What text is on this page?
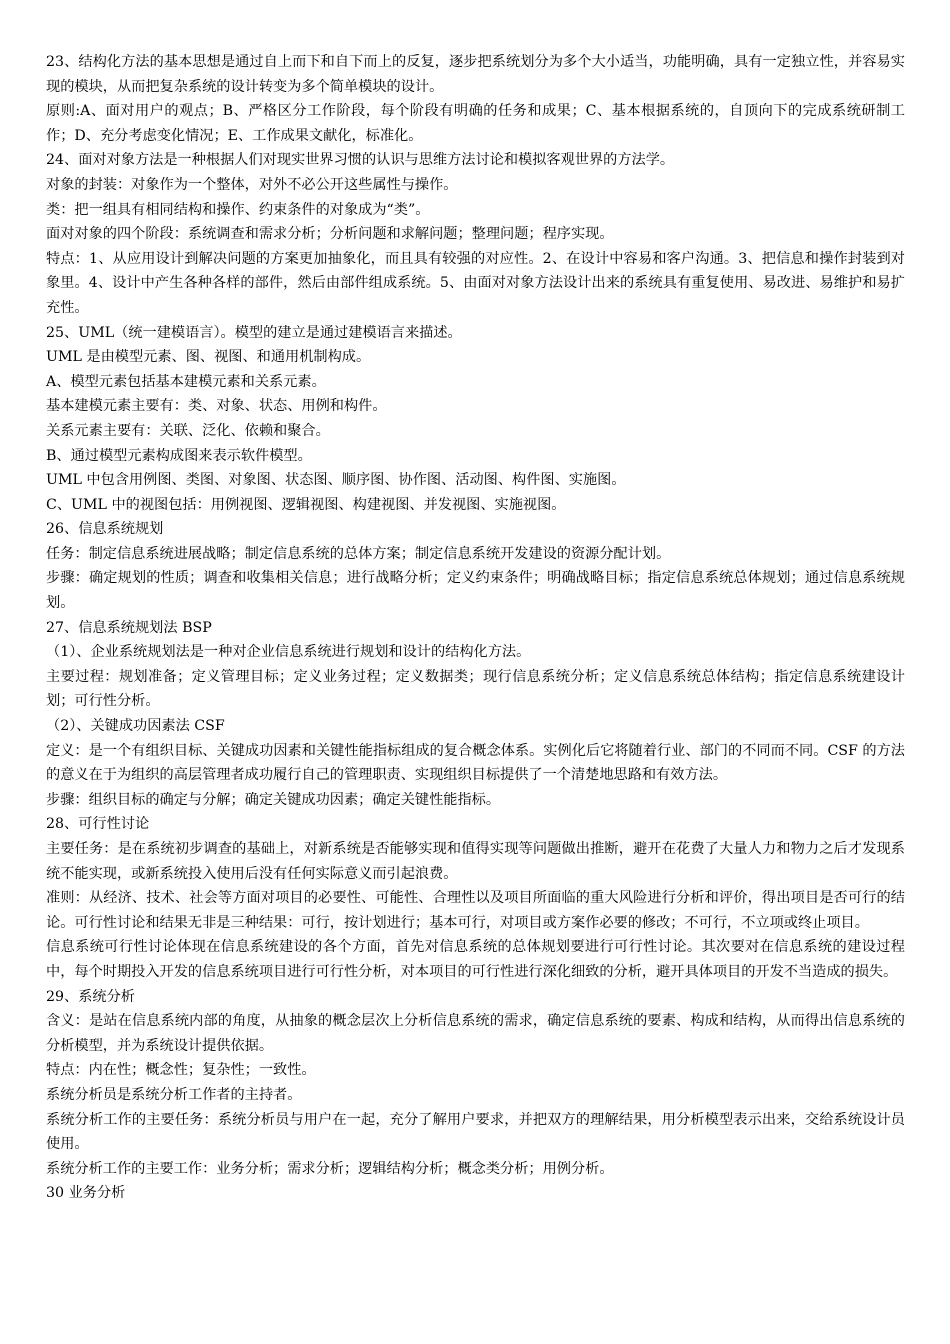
23、结构化方法的基本思想是通过自上而下和自下而上的反复，逐步把系统划分为多个大小适当，功能明确，具有一定独立性，并容易实现的模块，从而把复杂系统的设计转变为多个简单模块的设计。

原则:A、面对用户的观点；B、严格区分工作阶段，每个阶段有明确的任务和成果；C、基本根据系统的，自顶向下的完成系统研制工作；D、充分考虑变化情况；E、工作成果文献化，标准化。

24、面对对象方法是一种根据人们对现实世界习惯的认识与思维方法讨论和模拟客观世界的方法学。

对象的封装：对象作为一个整体，对外不必公开这些属性与操作。

类：把一组具有相同结构和操作、约束条件的对象成为“类”。

面对对象的四个阶段：系统调查和需求分析；分析问题和求解问题；整理问题；程序实现。

特点：1、从应用设计到解决问题的方案更加抽象化，而且具有较强的对应性。2、在设计中容易和客户沟通。3、把信息和操作封装到对象里。4、设计中产生各种各样的部件，然后由部件组成系统。5、由面对对象方法设计出来的系统具有重复使用、易改进、易维护和易扩充性。

25、UML（统一建模语言）。模型的建立是通过建模语言来描述。

UML 是由模型元素、图、视图、和通用机制构成。

A、模型元素包括基本建模元素和关系元素。

基本建模元素主要有：类、对象、状态、用例和构件。

关系元素主要有：关联、泛化、依赖和聚合。

B、通过模型元素构成图来表示软件模型。

UML 中包含用例图、类图、对象图、状态图、顺序图、协作图、活动图、构件图、实施图。

C、UML 中的视图包括：用例视图、逻辑视图、构建视图、并发视图、实施视图。

26、信息系统规划

任务：制定信息系统进展战略；制定信息系统的总体方案；制定信息系统开发建设的资源分配计划。

步骤：确定规划的性质；调查和收集相关信息；进行战略分析；定义约束条件；明确战略目标；指定信息系统总体规划；通过信息系统规划。

27、信息系统规划法 BSP

（1）、企业系统规划法是一种对企业信息系统进行规划和设计的结构化方法。

主要过程：规划准备；定义管理目标；定义业务过程；定义数据类；现行信息系统分析；定义信息系统总体结构；指定信息系统建设计划；可行性分析。

（2）、关键成功因素法 CSF

定义：是一个有组织目标、关键成功因素和关键性能指标组成的复合概念体系。实例化后它将随着行业、部门的不同而不同。CSF 的方法的意义在于为组织的高层管理者成功履行自己的管理职责、实现组织目标提供了一个清楚地思路和有效方法。

步骤：组织目标的确定与分解；确定关键成功因素；确定关键性能指标。

28、可行性讨论

主要任务：是在系统初步调查的基础上，对新系统是否能够实现和值得实现等问题做出推断，避开在花费了大量人力和物力之后才发现系统不能实现，或新系统投入使用后没有任何实际意义而引起浪费。

准则：从经济、技术、社会等方面对项目的必要性、可能性、合理性以及项目所面临的重大风险进行分析和评价，得出项目是否可行的结论。可行性讨论和结果无非是三种结果：可行，按计划进行；基本可行，对项目或方案作必要的修改；不可行，不立项或终止项目。

信息系统可行性讨论体现在信息系统建设的各个方面，首先对信息系统的总体规划要进行可行性讨论。其次要对在信息系统的建设过程中，每个时期投入开发的信息系统项目进行可行性分析，对本项目的可行性进行深化细致的分析，避开具体项目的开发不当造成的损失。

29、系统分析

含义：是站在信息系统内部的角度，从抽象的概念层次上分析信息系统的需求，确定信息系统的要素、构成和结构，从而得出信息系统的分析模型，并为系统设计提供依据。

特点：内在性；概念性；复杂性；一致性。

系统分析员是系统分析工作者的主持者。

系统分析工作的主要任务：系统分析员与用户在一起，充分了解用户要求，并把双方的理解结果，用分析模型表示出来，交给系统设计员使用。

系统分析工作的主要工作：业务分析；需求分析；逻辑结构分析；概念类分析；用例分析。

30 业务分析
